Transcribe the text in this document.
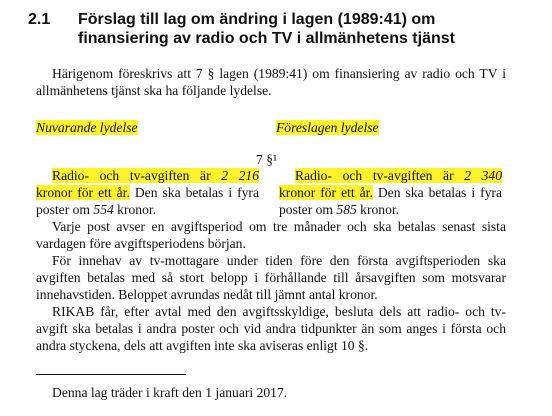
2.1 Förslag till lag om ändring i lagen (1989:41) om finansiering av radio och TV i allmänhetens tjänst

Härigenom föreskrivs att 7 § lagen (1989:41) om finansiering av radio och TV i allmänhetens tjänst ska ha följande lydelse.

Nuvarande lydelse	Föreslagen lydelse
7 §¹

Radio- och tv-avgiften är 2 216 kronor för ett år. Den ska betalas i fyra poster om 554 kronor.

Radio- och tv-avgiften är 2 340 kronor för ett år. Den ska betalas i fyra poster om 585 kronor.

Varje post avser en avgiftsperiod om tre månader och ska betalas senast sista vardagen före avgiftsperiodens början.

För innehav av tv-mottagare under tiden före den första avgiftsperioden ska avgiften betalas med så stort belopp i förhållande till årsavgiften som motsvarar innehavstiden. Beloppet avrundas nedåt till jämnt antal kronor.

RIKAB får, efter avtal med den avgiftsskyldige, besluta dels att radio- och tv-avgift ska betalas i andra poster och vid andra tidpunkter än som anges i första och andra styckena, dels att avgiften inte ska aviseras enligt 10 §.

Denna lag träder i kraft den 1 januari 2017.
